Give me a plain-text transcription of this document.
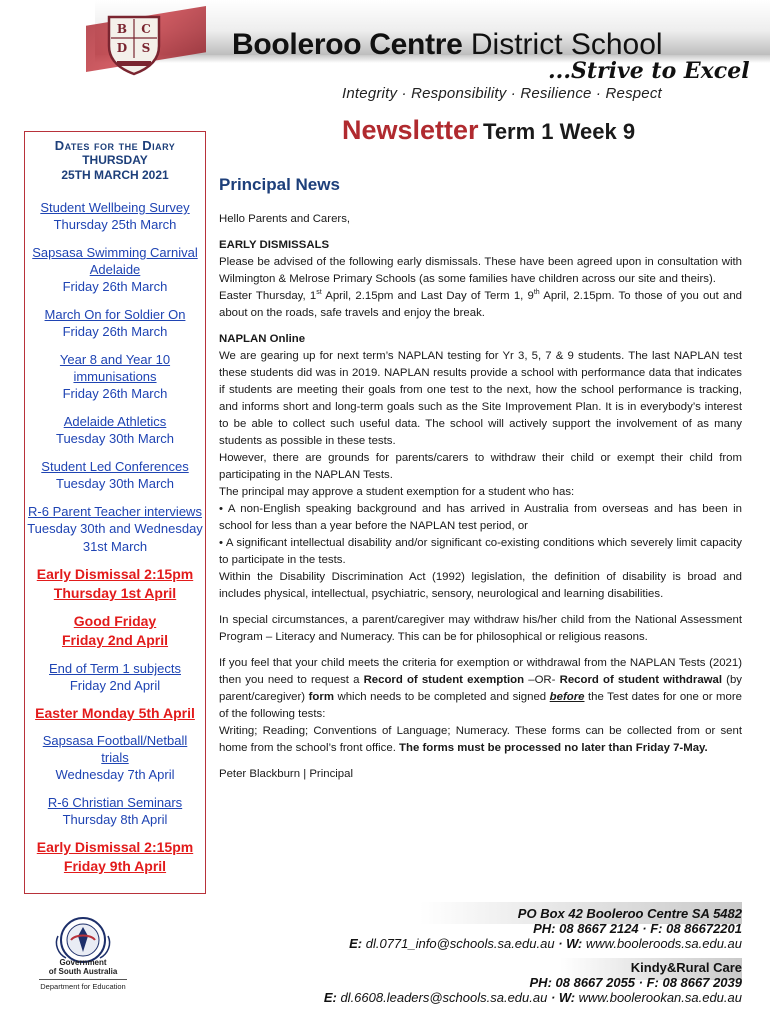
B C
D S	Booleroo Centre District School
...Strive to Excel
Integrity · Responsibility · Resilience · Respect
Newsletter Term 1 Week 9
Dates for the Diary
THURSDAY
25TH MARCH 2021
Student Wellbeing Survey
Thursday 25th March
Sapsasa Swimming Carnival Adelaide
Friday 26th March
March On for Soldier On
Friday 26th March
Year 8 and Year 10 immunisations
Friday 26th March
Adelaide Athletics
Tuesday 30th March
Student Led Conferences
Tuesday 30th March
R-6 Parent Teacher interviews
Tuesday 30th and Wednesday 31st March
Early Dismissal 2:15pm
Thursday 1st April
Good Friday
Friday 2nd April
End of Term 1 subjects
Friday 2nd April
Easter Monday 5th April
Sapsasa Football/Netball trials
Wednesday 7th April
R-6 Christian Seminars
Thursday 8th April
Early Dismissal 2:15pm
Friday 9th April
Principal News

Hello Parents and Carers,

EARLY DISMISSALS

Please be advised of the following early dismissals. These have been agreed upon in consultation with Wilmington & Melrose Primary Schools (as some families have children across our site and theirs).

Easter Thursday, 1st April, 2.15pm and Last Day of Term 1, 9th April, 2.15pm. To those of you out and about on the roads, safe travels and enjoy the break.

NAPLAN Online

We are gearing up for next term’s NAPLAN testing for Yr 3, 5, 7 & 9 students. The last NAPLAN test these students did was in 2019. NAPLAN results provide a school with performance data that indicates if students are meeting their goals from one test to the next, how the school performance is tracking, and informs short and long-term goals such as the Site Improvement Plan. It is in everybody’s interest to be able to collect such useful data. The school will actively support the involvement of as many students as possible in these tests.

However, there are grounds for parents/carers to withdraw their child or exempt their child from participating in the NAPLAN Tests.

The principal may approve a student exemption for a student who has:

• A non-English speaking background and has arrived in Australia from overseas and has been in school for less than a year before the NAPLAN test period, or

• A significant intellectual disability and/or significant co-existing conditions which severely limit capacity to participate in the tests.

Within the Disability Discrimination Act (1992) legislation, the definition of disability is broad and includes physical, intellectual, psychiatric, sensory, neurological and learning disabilities.

In special circumstances, a parent/caregiver may withdraw his/her child from the National Assessment Program – Literacy and Numeracy. This can be for philosophical or religious reasons.

If you feel that your child meets the criteria for exemption or withdrawal from the NAPLAN Tests (2021) then you need to request a Record of student exemption –OR- Record of student withdrawal (by parent/caregiver) form which needs to be completed and signed before the Test dates for one or more of the following tests:

Writing; Reading; Conventions of Language; Numeracy. These forms can be collected from or sent home from the school’s front office. The forms must be processed no later than Friday 7-May.

Peter Blackburn | Principal

Government
of South Australia
Department for Education
PO Box 42 Booleroo Centre SA 5482
PH: 08 8667 2124 · F: 08 86672201
E: dl.0771_info@schools.sa.edu.au · W: www.booleroods.sa.edu.au
Kindy&Rural Care
PH: 08 8667 2055 · F: 08 8667 2039
E: dl.6608.leaders@schools.sa.edu.au · W: www.boolerookan.sa.edu.au
